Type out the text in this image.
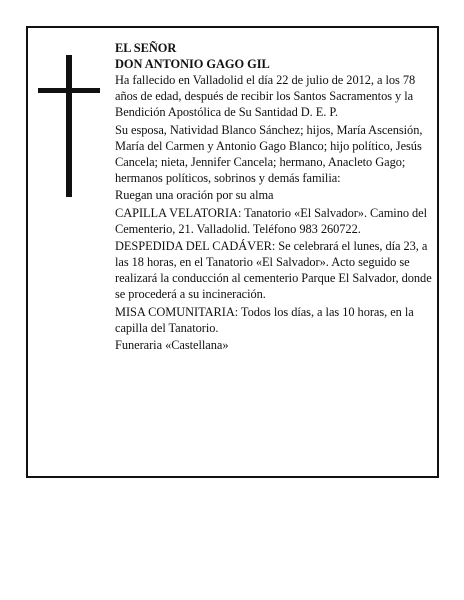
EL SEÑOR

DON ANTONIO GAGO GIL

Ha fallecido en Valladolid el día 22 de julio de 2012, a los 78 años de edad, después de recibir los Santos Sacramentos y la Bendición Apostólica de Su Santidad D. E. P.

Su esposa, Natividad Blanco Sánchez; hijos, María Ascensión, María del Carmen y Antonio Gago Blanco; hijo político, Jesús Cancela; nieta, Jennifer Cancela; hermano, Anacleto Gago; hermanos políticos, sobrinos y demás familia:

Ruegan una oración por su alma

CAPILLA VELATORIA: Tanatorio «El Salvador». Camino del Cementerio, 21. Valladolid. Teléfono 983 260722.

DESPEDIDA DEL CADÁVER: Se celebrará el lunes, día 23, a las 18 horas, en el Tanatorio «El Salvador». Acto seguido se realizará la conducción al cementerio Parque El Salvador, donde se procederá a su incineración.

MISA COMUNITARIA: Todos los días, a las 10 horas, en la capilla del Tanatorio.

Funeraria «Castellana»
